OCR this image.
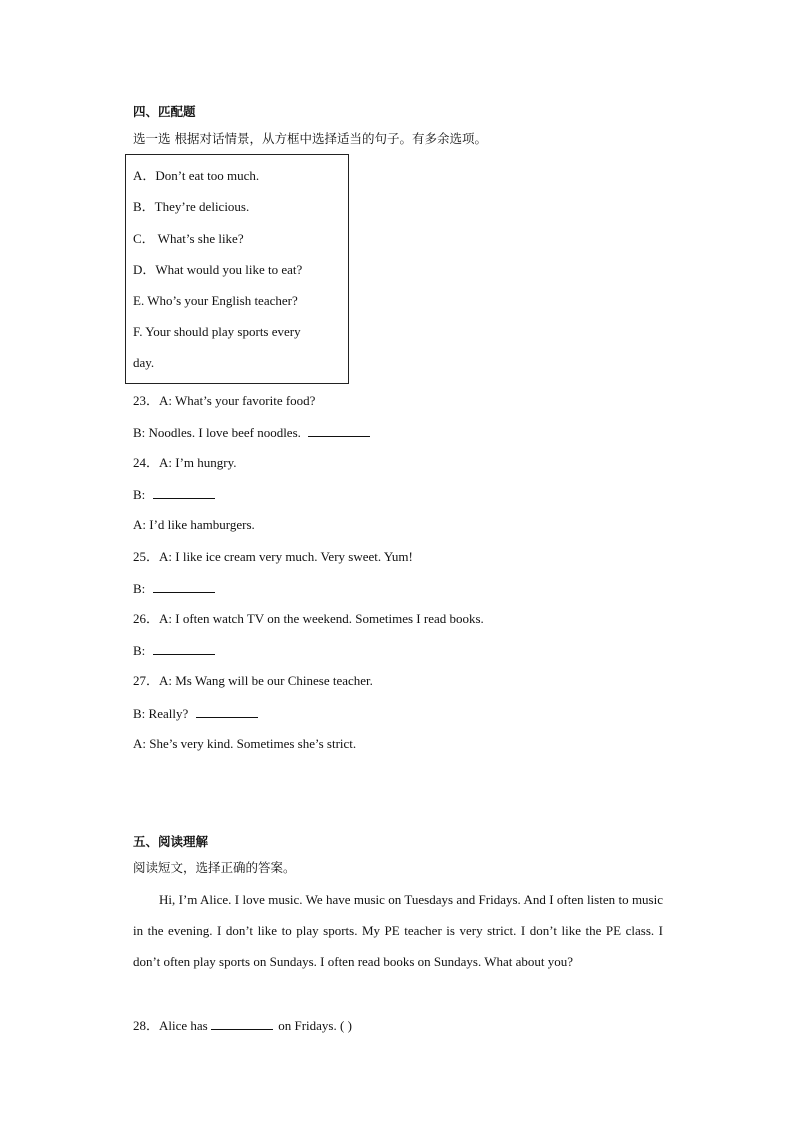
四、匹配题
选一选 根据对话情景，从方框中选择适当的句子。有多余选项。
A．Don’t eat too much.
B．They’re delicious.
C． What’s she like?
D．What would you like to eat?
E. Who’s your English teacher?
F. Your should play sports every
day.
23．A: What’s your favorite food?
B: Noodles. I love beef noodles.
24．A: I’m hungry.
B:
A: I’d like hamburgers.
25．A: I like ice cream very much. Very sweet. Yum!
B:
26．A: I often watch TV on the weekend. Sometimes I read books.
B:
27．A: Ms Wang will be our Chinese teacher.
B: Really?
A: She’s very kind. Sometimes she’s strict.
五、阅读理解
阅读短文，选择正确的答案。

Hi, I’m Alice. I love music. We have music on Tuesdays and Fridays. And I often listen to music in the evening. I don’t like to play sports. My PE teacher is very strict. I don’t like the PE class. I don’t often play sports on Sundays. I often read books on Sundays. What about you?

28．Alice has	on Fridays. ( )
